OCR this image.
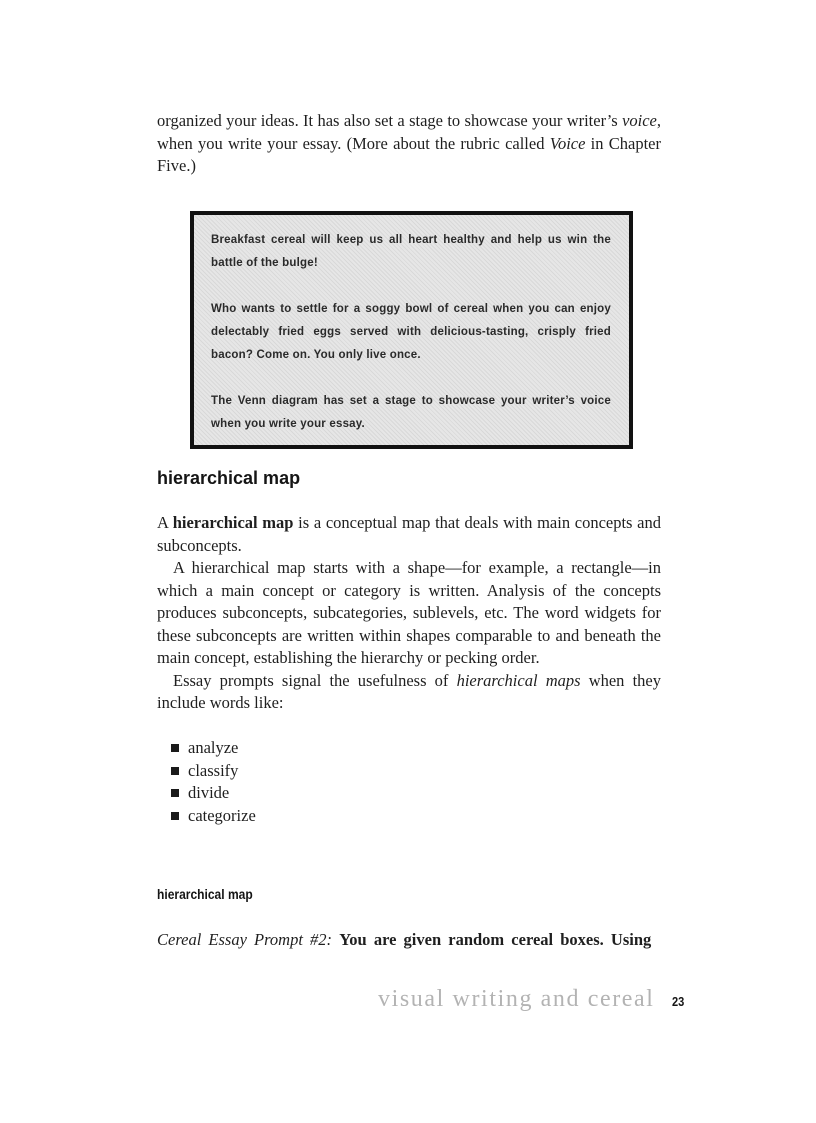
organized your ideas. It has also set a stage to showcase your writer’s voice, when you write your essay. (More about the rubric called Voice in Chapter Five.)

Breakfast cereal will keep us all heart healthy and help us win the battle of the bulge!

Who wants to settle for a soggy bowl of cereal when you can enjoy delectably fried eggs served with delicious-tasting, crisply fried bacon? Come on. You only live once.

The Venn diagram has set a stage to showcase your writer’s voice when you write your essay.

hierarchical map

A hierarchical map is a conceptual map that deals with main concepts and subconcepts.

A hierarchical map starts with a shape—for example, a rectangle—in which a main concept or category is written. Analysis of the concepts produces subconcepts, subcategories, sublevels, etc. The word widgets for these subconcepts are written within shapes comparable to and beneath the main concept, establishing the hierarchy or pecking order.

Essay prompts signal the usefulness of hierarchical maps when they include words like:

analyze
classify
divide
categorize
hierarchical map

Cereal Essay Prompt #2: You are given random cereal boxes. Using

visual writing and cereal 23
